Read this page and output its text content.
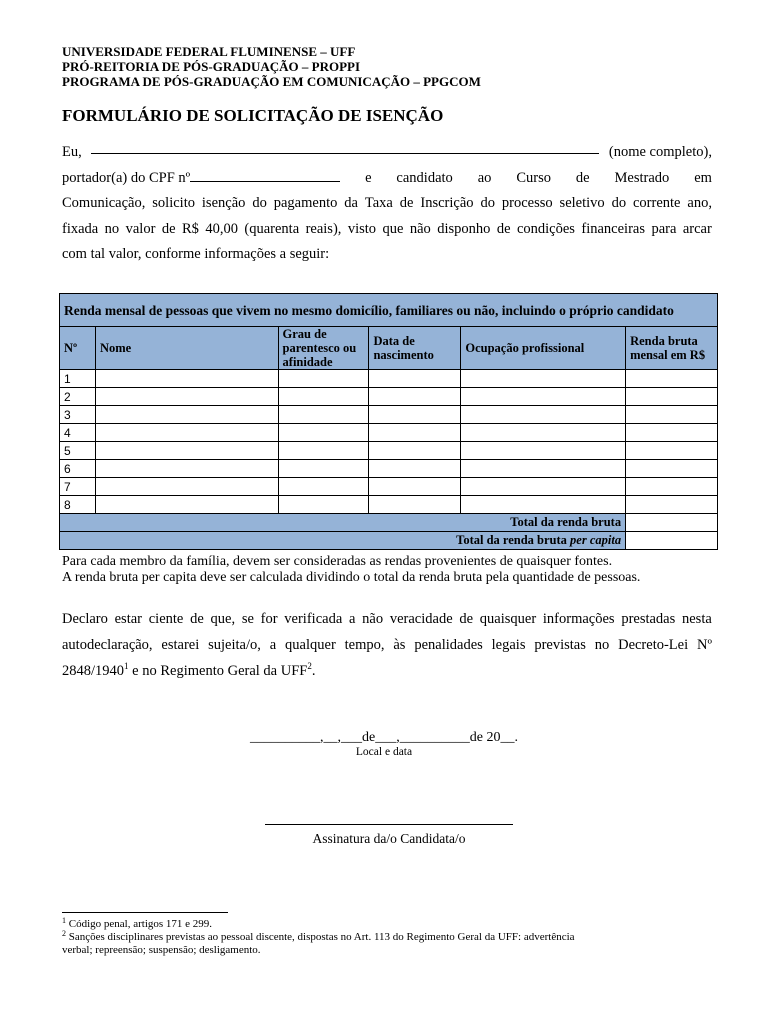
UNIVERSIDADE FEDERAL FLUMINENSE – UFF
PRÓ-REITORIA DE PÓS-GRADUAÇÃO – PROPPI
PROGRAMA DE PÓS-GRADUAÇÃO EM COMUNICAÇÃO – PPGCOM
FORMULÁRIO DE SOLICITAÇÃO DE ISENÇÃO
Eu,	(nome completo),
portador(a) do CPF nº	e candidato ao Curso de Mestrado em
Comunicação, solicito isenção do pagamento da Taxa de Inscrição do processo seletivo do corrente ano,
fixada no valor de R$ 40,00 (quarenta reais), visto que não disponho de condições financeiras para arcar
com tal valor, conforme informações a seguir:
Renda mensal de pessoas que vivem no mesmo domicílio, familiares ou não, incluindo o próprio candidato					
Nº	Nome	Grau de parentesco ou afinidade	Data de nascimento	Ocupação profissional	Renda bruta mensal em R$
1					
2					
3					
4					
5					
6					
7					
8					
Total da renda bruta					
Total da renda bruta per capita					
Para cada membro da família, devem ser consideradas as rendas provenientes de quaisquer fontes.
A renda bruta per capita deve ser calculada dividindo o total da renda bruta pela quantidade de pessoas.
Declaro estar ciente de que, se for verificada a não veracidade de quaisquer informações prestadas nesta
autodeclaração, estarei sujeita/o, a qualquer tempo, às penalidades legais previstas no Decreto-Lei Nº
2848/1940$^1$ e no Regimento Geral da UFF$^2$.
__________,__,___de___,__________de 20__.
Local e data
Assinatura da/o Candidata/o
$^1$ Código penal, artigos 171 e 299.
$^2$ Sanções disciplinares previstas ao pessoal discente, dispostas no Art. 113 do Regimento Geral da UFF: advertência
verbal; repreensão; suspensão; desligamento.
